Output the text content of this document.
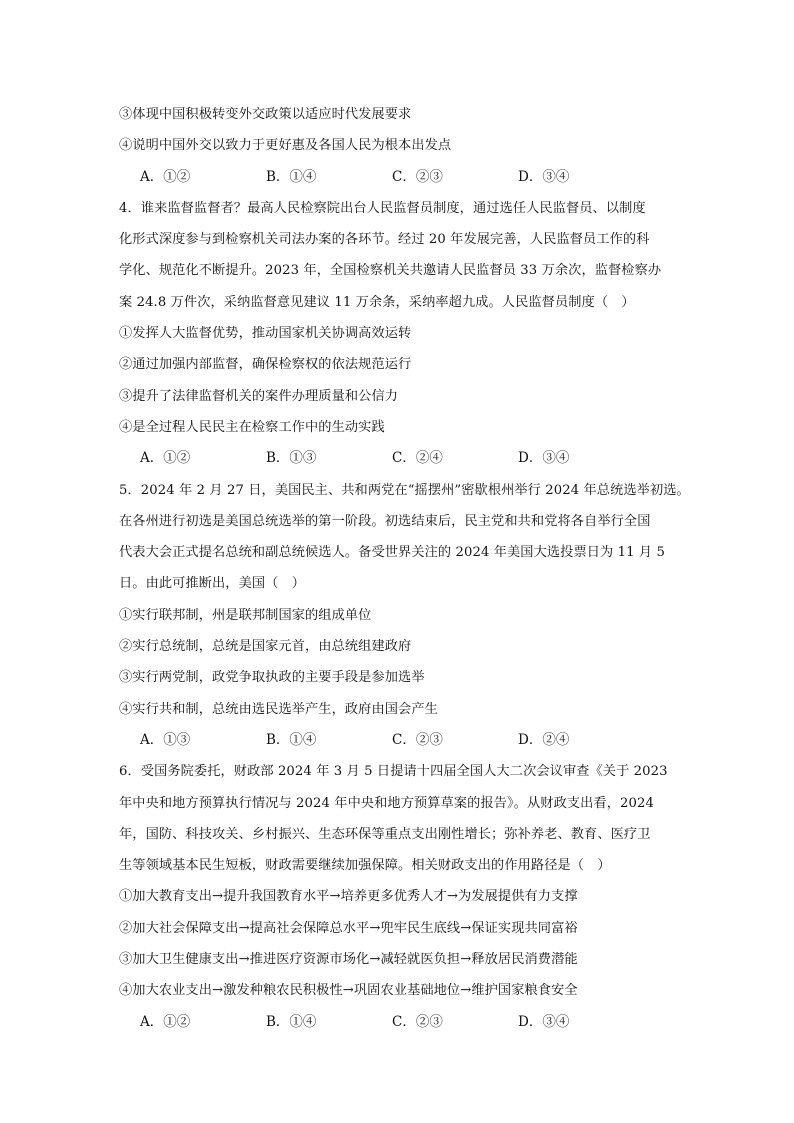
③体现中国积极转变外交政策以适应时代发展要求
④说明中国外交以致力于更好惠及各国人民为根本出发点
A．①②	B．①④	C．②③	D．③④
4．谁来监督监督者？最高人民检察院出台人民监督员制度，通过选任人民监督员、以制度
化形式深度参与到检察机关司法办案的各环节。经过 20 年发展完善，人民监督员工作的科
学化、规范化不断提升。2023 年，全国检察机关共邀请人民监督员 33 万余次，监督检察办
案 24.8 万件次，采纳监督意见建议 11 万余条，采纳率超九成。人民监督员制度（　）
①发挥人大监督优势，推动国家机关协调高效运转
②通过加强内部监督，确保检察权的依法规范运行
③提升了法律监督机关的案件办理质量和公信力
④是全过程人民民主在检察工作中的生动实践
A．①②	B．①③	C．②④	D．③④
5．2024 年 2 月 27 日，美国民主、共和两党在“摇摆州”密歇根州举行 2024 年总统选举初选。
在各州进行初选是美国总统选举的第一阶段。初选结束后，民主党和共和党将各自举行全国
代表大会正式提名总统和副总统候选人。备受世界关注的 2024 年美国大选投票日为 11 月 5
日。由此可推断出，美国（　）
①实行联邦制，州是联邦制国家的组成单位
②实行总统制，总统是国家元首，由总统组建政府
③实行两党制，政党争取执政的主要手段是参加选举
④实行共和制，总统由选民选举产生，政府由国会产生
A．①③	B．①④	C．②③	D．②④
6．受国务院委托，财政部 2024 年 3 月 5 日提请十四届全国人大二次会议审查《关于 2023
年中央和地方预算执行情况与 2024 年中央和地方预算草案的报告》。从财政支出看，2024
年，国防、科技攻关、乡村振兴、生态环保等重点支出刚性增长；弥补养老、教育、医疗卫
生等领域基本民生短板，财政需要继续加强保障。相关财政支出的作用路径是（　）
①加大教育支出→提升我国教育水平→培养更多优秀人才→为发展提供有力支撑
②加大社会保障支出→提高社会保障总水平→兜牢民生底线→保证实现共同富裕
③加大卫生健康支出→推进医疗资源市场化→减轻就医负担→释放居民消费潜能
④加大农业支出→激发种粮农民积极性→巩固农业基础地位→维护国家粮食安全
A．①②	B．①④	C．②③	D．③④
